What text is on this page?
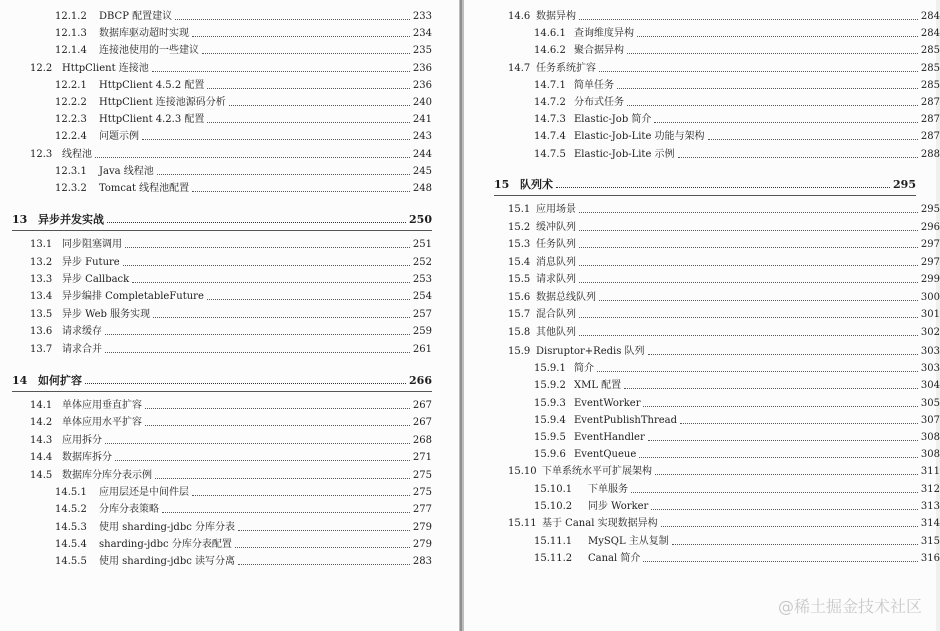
12.1.2	DBCP 配置建议	233
12.1.3	数据库驱动超时实现	234
12.1.4	连接池使用的一些建议	235
12.2 HttpClient 连接池	236
12.2.1	HttpClient 4.5.2 配置	236
12.2.2	HttpClient 连接池源码分析	240
12.2.3	HttpClient 4.2.3 配置	241
12.2.4	问题示例	243
12.3 线程池	244
12.3.1	Java 线程池	245
12.3.2	Tomcat 线程池配置	248
13 异步并发实战	250
13.1 同步阻塞调用	251
13.2 异步 Future	252
13.3 异步 Callback	253
13.4 异步编排 CompletableFuture	254
13.5 异步 Web 服务实现	257
13.6 请求缓存	259
13.7 请求合并	261
14 如何扩容	266
14.1 单体应用垂直扩容	267
14.2 单体应用水平扩容	267
14.3 应用拆分	268
14.4 数据库拆分	271
14.5 数据库分库分表示例	275
14.5.1	应用层还是中间件层	275
14.5.2	分库分表策略	277
14.5.3	使用 sharding-jdbc 分库分表	279
14.5.4	sharding-jdbc 分库分表配置	279
14.5.5	使用 sharding-jdbc 读写分离	283
14.6 数据异构	284
14.6.1 查询维度异构	284
14.6.2 聚合据异构	285
14.7 任务系统扩容	285
14.7.1 简单任务	285
14.7.2 分布式任务	287
14.7.3 Elastic-Job 简介	287
14.7.4 Elastic-Job-Lite 功能与架构	287
14.7.5 Elastic-Job-Lite 示例	288
15 队列术	295
15.1 应用场景	295
15.2 缓冲队列	296
15.3 任务队列	297
15.4 消息队列	297
15.5 请求队列	299
15.6 数据总线队列	300
15.7 混合队列	301
15.8 其他队列	302
15.9 Disruptor+Redis 队列	303
15.9.1 简介	303
15.9.2 XML 配置	304
15.9.3 EventWorker	305
15.9.4 EventPublishThread	307
15.9.5 EventHandler	308
15.9.6 EventQueue	308
15.10 下单系统水平可扩展架构	311
15.10.1	下单服务	312
15.10.2	同步 Worker	313
15.11 基于 Canal 实现数据异构	314
15.11.1	MySQL 主从复制	315
15.11.2	Canal 简介	316
@稀土掘金技术社区
